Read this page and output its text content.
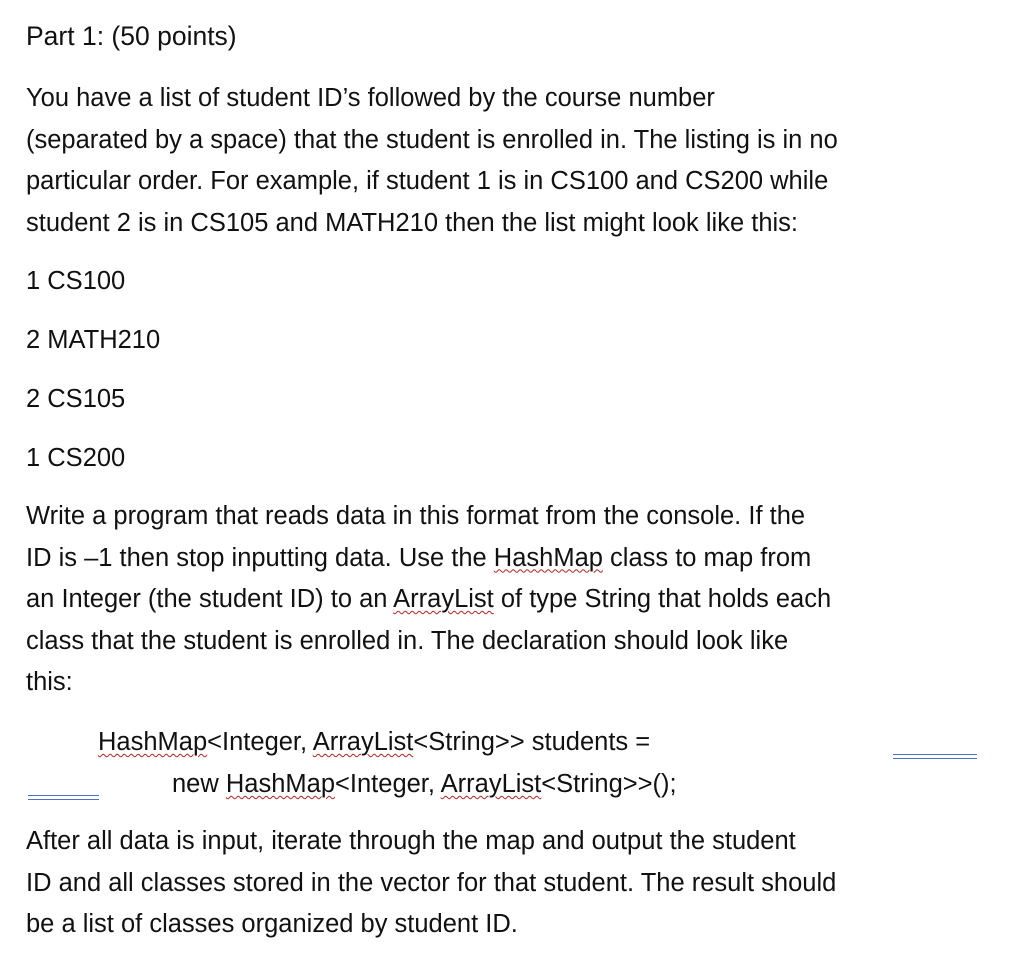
Part 1: (50 points)
You have a list of student ID’s followed by the course number
(separated by a space) that the student is enrolled in. The listing is in no
particular order. For example, if student 1 is in CS100 and CS200 while
student 2 is in CS105 and MATH210 then the list might look like this:
1 CS100
2 MATH210
2 CS105
1 CS200
Write a program that reads data in this format from the console. If the
ID is –1 then stop inputting data. Use the HashMap class to map from
an Integer (the student ID) to an ArrayList of type String that holds each
class that the student is enrolled in. The declaration should look like
this:
HashMap<Integer, ArrayList<String>> students =
new HashMap<Integer, ArrayList<String>>();
After all data is input, iterate through the map and output the student
ID and all classes stored in the vector for that student. The result should
be a list of classes organized by student ID.
